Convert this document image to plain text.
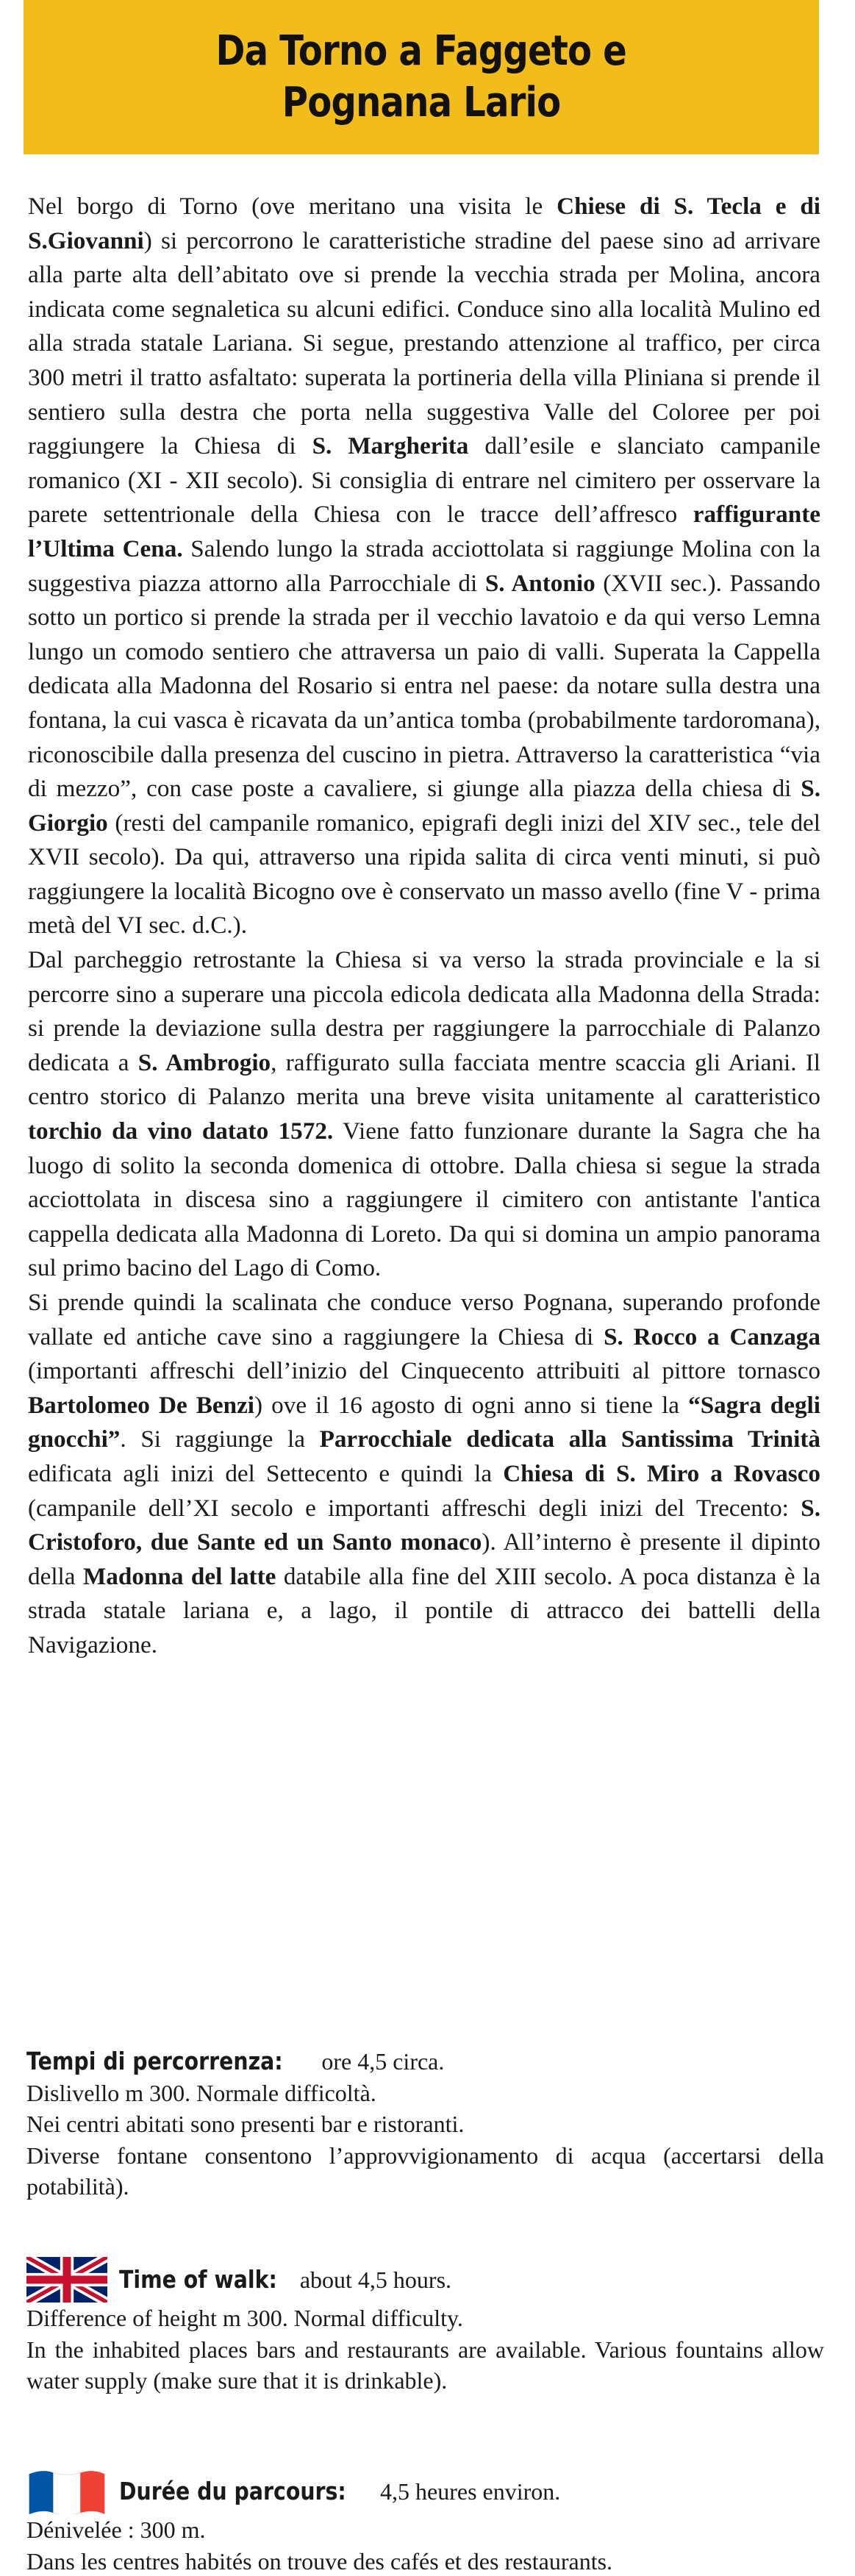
Da Torno a Faggeto e
Pognana Lario

Nel borgo di Torno (ove meritano una visita le Chiese di S. Tecla e di S.Giovanni) si percorrono le caratteristiche stradine del paese sino ad arrivare alla parte alta dell’abitato ove si prende la vecchia strada per Molina, ancora indicata come segnaletica su alcuni edifici. Conduce sino alla località Mulino ed alla strada statale Lariana. Si segue, prestando attenzione al traffico, per circa 300 metri il tratto asfaltato: superata la portineria della villa Pliniana si prende il sentiero sulla destra che porta nella suggestiva Valle del Coloree per poi raggiungere la Chiesa di S. Margherita dall’esile e slanciato campanile romanico (XI - XII secolo). Si consiglia di entrare nel cimitero per osservare la parete settentrionale della Chiesa con le tracce dell’affresco raffigurante l’Ultima Cena. Salendo lungo la strada acciottolata si raggiunge Molina con la suggestiva piazza attorno alla Parrocchiale di S. Antonio (XVII sec.). Passando sotto un portico si prende la strada per il vecchio lavatoio e da qui verso Lemna lungo un comodo sentiero che attraversa un paio di valli. Superata la Cappella dedicata alla Madonna del Rosario si entra nel paese: da notare sulla destra una fontana, la cui vasca è ricavata da un’antica tomba (probabilmente tardoromana), riconoscibile dalla presenza del cuscino in pietra. Attraverso la caratteristica “via di mezzo”, con case poste a cavaliere, si giunge alla piazza della chiesa di S. Giorgio (resti del campanile romanico, epigrafi degli inizi del XIV sec., tele del XVII secolo). Da qui, attraverso una ripida salita di circa venti minuti, si può raggiungere la località Bicogno ove è conservato un masso avello (fine V - prima metà del VI sec. d.C.).

Dal parcheggio retrostante la Chiesa si va verso la strada provinciale e la si percorre sino a superare una piccola edicola dedicata alla Madonna della Strada: si prende la deviazione sulla destra per raggiungere la parrocchiale di Palanzo dedicata a S. Ambrogio, raffigurato sulla facciata mentre scaccia gli Ariani. Il centro storico di Palanzo merita una breve visita unitamente al caratteristico torchio da vino datato 1572. Viene fatto funzionare durante la Sagra che ha luogo di solito la seconda domenica di ottobre. Dalla chiesa si segue la strada acciottolata in discesa sino a raggiungere il cimitero con antistante l'antica cappella dedicata alla Madonna di Loreto. Da qui si domina un ampio panorama sul primo bacino del Lago di Como.

Si prende quindi la scalinata che conduce verso Pognana, superando profonde vallate ed antiche cave sino a raggiungere la Chiesa di S. Rocco a Canzaga (importanti affreschi dell’inizio del Cinquecento attribuiti al pittore tornasco Bartolomeo De Benzi) ove il 16 agosto di ogni anno si tiene la “Sagra degli gnocchi”. Si raggiunge la Parrocchiale dedicata alla Santissima Trinità edificata agli inizi del Settecento e quindi la Chiesa di S. Miro a Rovasco (campanile dell’XI secolo e importanti affreschi degli inizi del Trecento: S. Cristoforo, due Sante ed un Santo monaco). All’interno è presente il dipinto della Madonna del latte databile alla fine del XIII secolo. A poca distanza è la strada statale lariana e, a lago, il pontile di attracco dei battelli della Navigazione.

Tempi di percorrenza: ore 4,5 circa.

Dislivello m 300. Normale difficoltà.

Nei centri abitati sono presenti bar e ristoranti.

Diverse fontane consentono l’approvvigionamento di acqua (accertarsi della potabilità).

Time of walk: about 4,5 hours.

Difference of height m 300. Normal difficulty.

In the inhabited places bars and restaurants are available. Various fountains allow water supply (make sure that it is drinkable).

Durée du parcours: 4,5 heures environ.

Dénivelée : 300 m.

Dans les centres habités on trouve des cafés et des restaurants.
